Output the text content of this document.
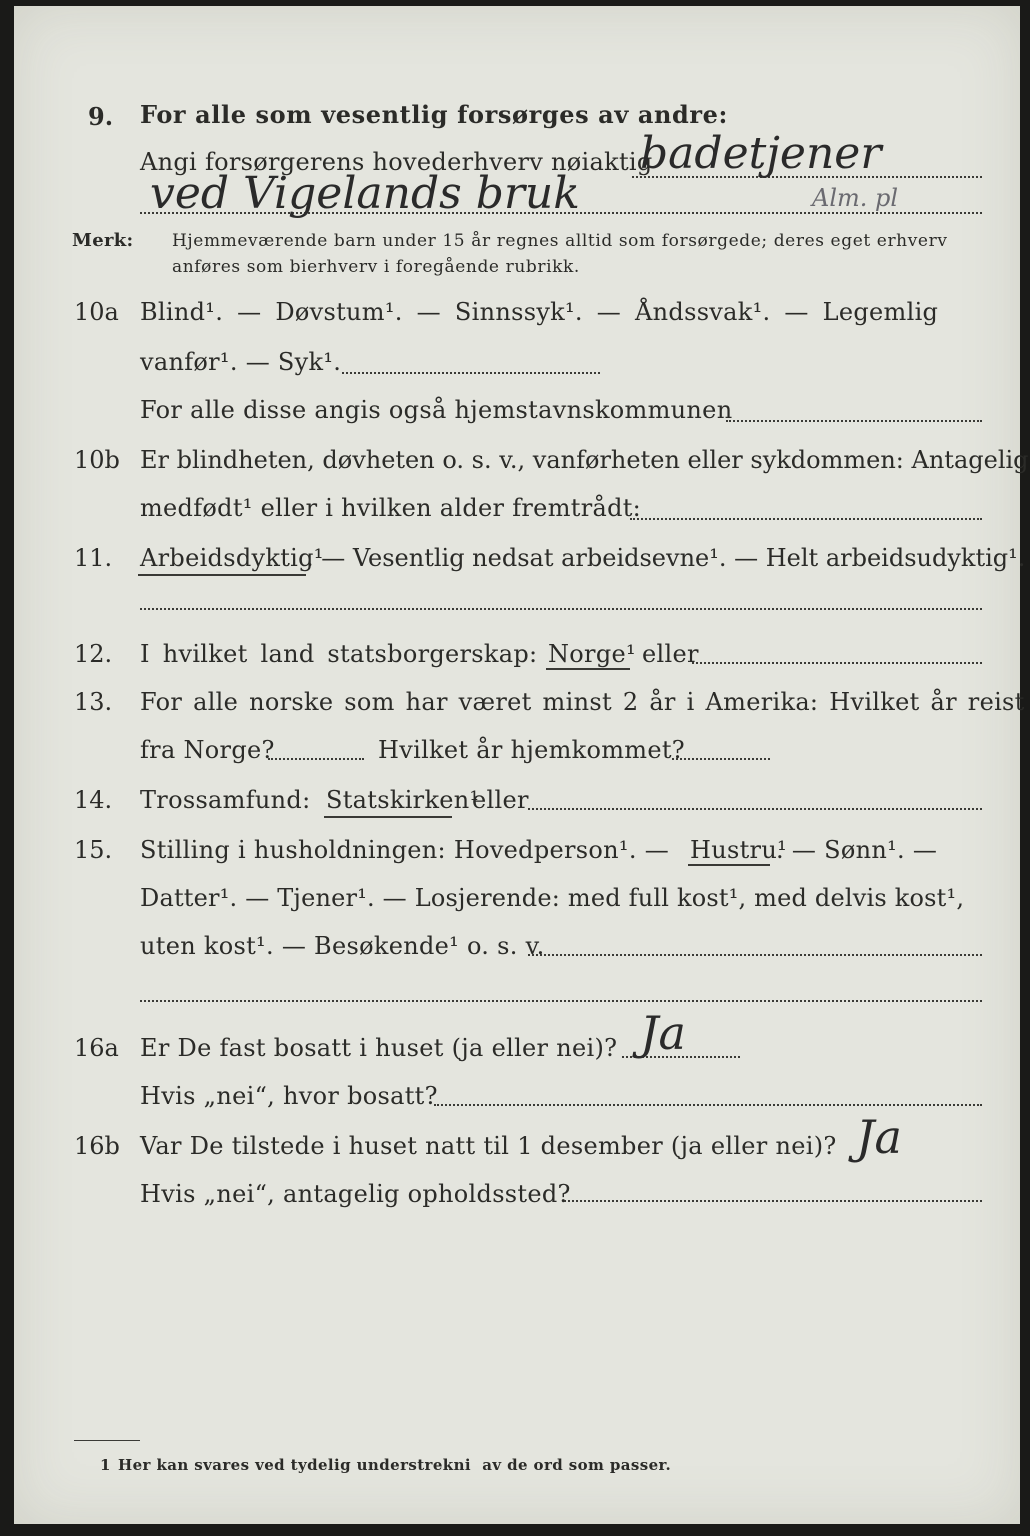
9. For alle som vesentlig forsørges av andre:
Angi forsørgerens hovederhverv nøiaktig
badetjener
ved Vigelands bruk	Alm. pl
Merk: Hjemmeværende barn under 15 år regnes alltid som forsørgede; deres eget erhverv
anføres som bierhverv i foregående rubrikk.
10a Blind¹. — Døvstum¹. — Sinnssyk¹. — Åndssvak¹. — Legemlig
vanfør¹. — Syk¹.
For alle disse angis også hjemstavnskommunen
10b Er blindheten, døvheten o. s. v., vanførheten eller sykdommen: Antagelig
medfødt¹ eller i hvilken alder fremtrådt:
11. Arbeidsdyktig¹
. — Vesentlig nedsat arbeidsevne¹. — Helt arbeidsudyktig¹.
12. I hvilket land statsborgerskap: Norge¹ eller
13. For alle norske som har været minst 2 år i Amerika: Hvilket år reist
fra Norge?	Hvilket år hjemkommet?
14. Trossamfund: Statskirken¹
eller
15. Stilling i husholdningen: Hovedperson¹. — Hustru¹
. — Sønn¹. —
Datter¹. — Tjener¹. — Losjerende: med full kost¹, med delvis kost¹,
uten kost¹. — Besøkende¹ o. s. v.
16a Er De fast bosatt i huset (ja eller nei)? Ja
Hvis „nei“, hvor bosatt?
16b Var De tilstede i huset natt til 1 desember (ja eller nei)? Ja
Hvis „nei“, antagelig opholdssted?
1 Her kan svares ved tydelig understrekni  av de ord som passer.
